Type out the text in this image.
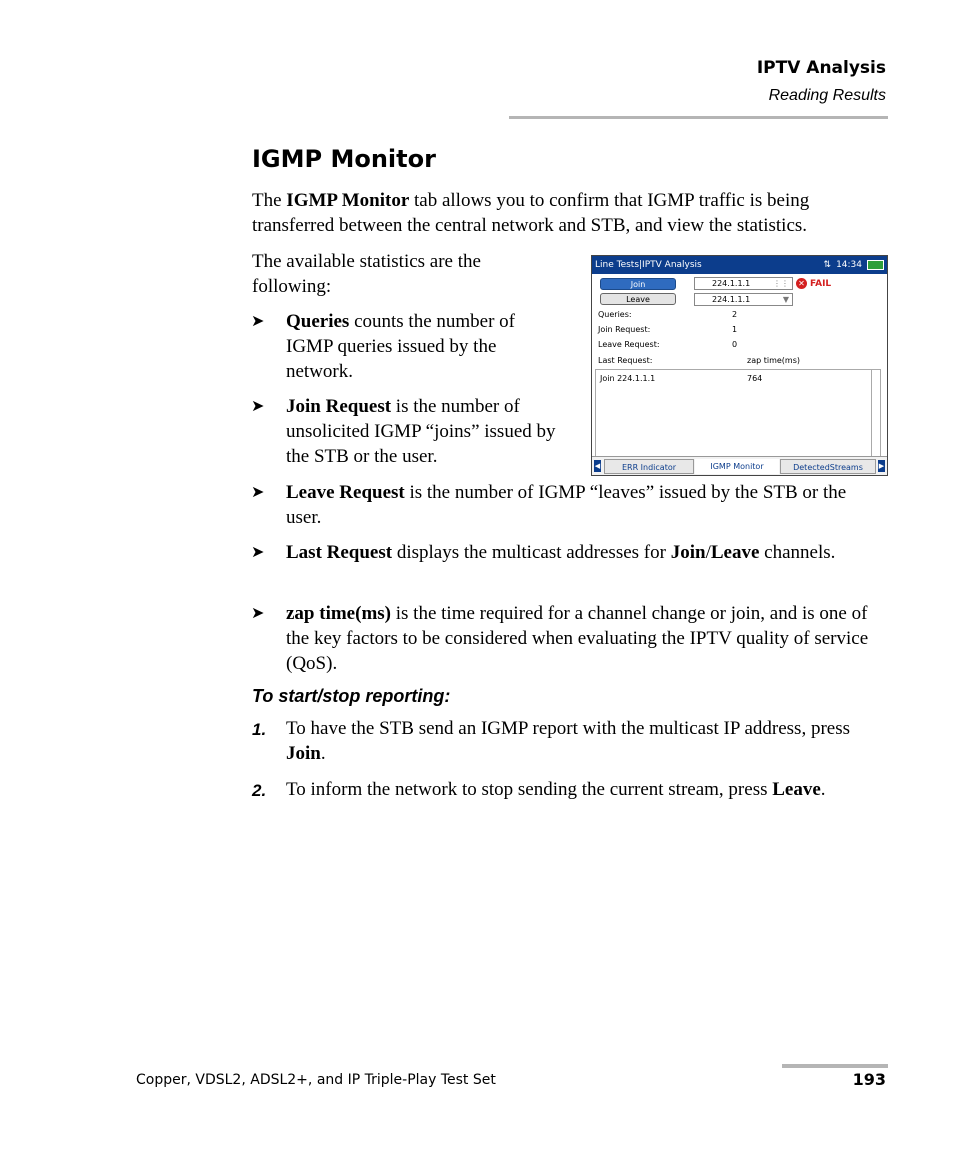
IPTV Analysis
Reading Results
IGMP Monitor
The IGMP Monitor tab allows you to confirm that IGMP traffic is being transferred between the central network and STB, and view the statistics.
The available statistics are the following:
➤ Queries counts the number of IGMP queries issued by the network.
➤ Join Request is the number of unsolicited IGMP “joins” issued by the STB or the user.
➤ Leave Request is the number of IGMP “leaves” issued by the STB or the user.
➤ Last Request displays the multicast addresses for Join/Leave channels.
➤ zap time(ms) is the time required for a channel change or join, and is one of the key factors to be considered when evaluating the IPTV quality of service (QoS).
To start/stop reporting:
1. To have the STB send an IGMP report with the multicast IP address, press Join.
2. To inform the network to stop sending the current stream, press Leave.
Line Tests|IPTV Analysis	⇅ 14:34
Join
Leave
224.1.1.1	⋮⋮
224.1.1.1	▼
✕ FAIL
Queries:	2
Join Request:	1
Leave Request:	0
Last Request:	zap time(ms)
Join 224.1.1.1	764
◀	ERR Indicator	IGMP Monitor	DetectedStreams	▶
Copper, VDSL2, ADSL2+, and IP Triple-Play Test Set	193
